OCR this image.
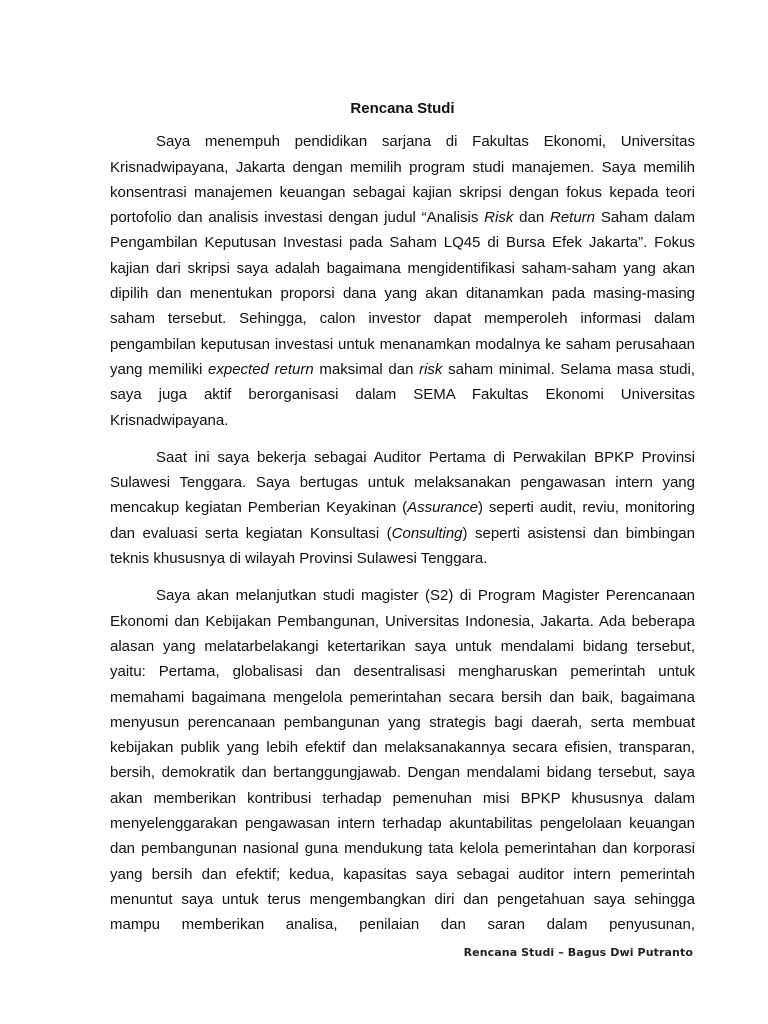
Rencana Studi

Saya menempuh pendidikan sarjana di Fakultas Ekonomi, Universitas Krisnadwipayana, Jakarta dengan memilih program studi manajemen. Saya memilih konsentrasi manajemen keuangan sebagai kajian skripsi dengan fokus kepada teori portofolio dan analisis investasi dengan judul “Analisis Risk dan Return Saham dalam Pengambilan Keputusan Investasi pada Saham LQ45 di Bursa Efek Jakarta”. Fokus kajian dari skripsi saya adalah bagaimana mengidentifikasi saham-saham yang akan dipilih dan menentukan proporsi dana yang akan ditanamkan pada masing-masing saham tersebut. Sehingga, calon investor dapat memperoleh informasi dalam pengambilan keputusan investasi untuk menanamkan modalnya ke saham perusahaan yang memiliki expected return maksimal dan risk saham minimal. Selama masa studi, saya juga aktif berorganisasi dalam SEMA Fakultas Ekonomi Universitas Krisnadwipayana.

Saat ini saya bekerja sebagai Auditor Pertama di Perwakilan BPKP Provinsi Sulawesi Tenggara. Saya bertugas untuk melaksanakan pengawasan intern yang mencakup kegiatan Pemberian Keyakinan (Assurance) seperti audit, reviu, monitoring dan evaluasi serta kegiatan Konsultasi (Consulting) seperti asistensi dan bimbingan teknis khususnya di wilayah Provinsi Sulawesi Tenggara.

Saya akan melanjutkan studi magister (S2) di Program Magister Perencanaan Ekonomi dan Kebijakan Pembangunan, Universitas Indonesia, Jakarta. Ada beberapa alasan yang melatarbelakangi ketertarikan saya untuk mendalami bidang tersebut, yaitu: Pertama, globalisasi dan desentralisasi mengharuskan pemerintah untuk memahami bagaimana mengelola pemerintahan secara bersih dan baik, bagaimana menyusun perencanaan pembangunan yang strategis bagi daerah, serta membuat kebijakan publik yang lebih efektif dan melaksanakannya secara efisien, transparan, bersih, demokratik dan bertanggungjawab. Dengan mendalami bidang tersebut, saya akan memberikan kontribusi terhadap pemenuhan misi BPKP khususnya dalam menyelenggarakan pengawasan intern terhadap akuntabilitas pengelolaan keuangan dan pembangunan nasional guna mendukung tata kelola pemerintahan dan korporasi yang bersih dan efektif; kedua, kapasitas saya sebagai auditor intern pemerintah menuntut saya untuk terus mengembangkan diri dan pengetahuan saya sehingga mampu memberikan analisa, penilaian dan saran dalam penyusunan,

Rencana Studi – Bagus Dwi Putranto
